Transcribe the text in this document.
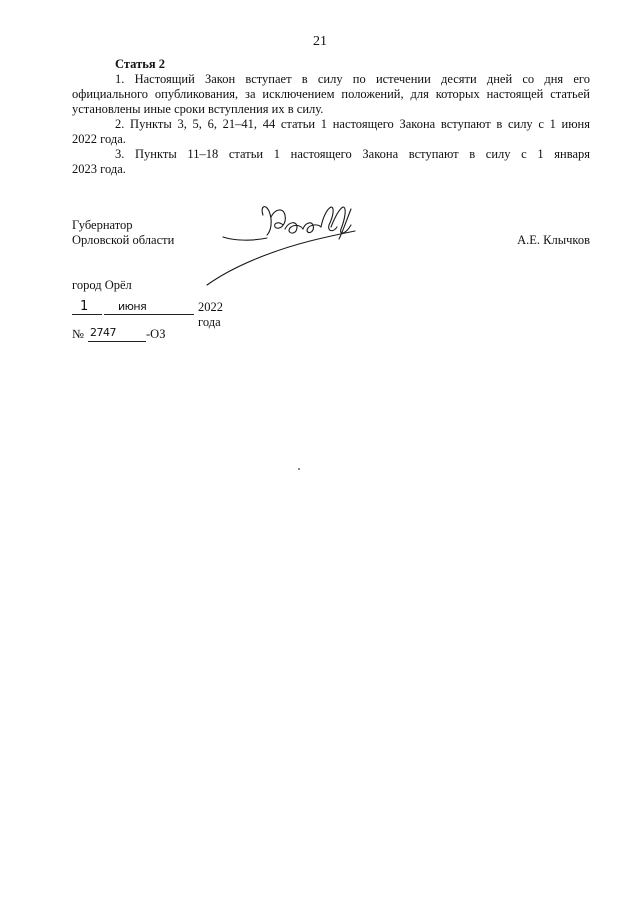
21

Статья 2

1. Настоящий Закон вступает в силу по истечении десяти дней со дня его

официального опубликования, за исключением положений, для которых настоящей статьей установлены иные сроки вступления их в силу.

2. Пункты 3, 5, 6, 21–41, 44 статьи 1 настоящего Закона вступают в силу с 1 июня

2022 года.

3. Пункты 11–18 статьи 1 настоящего Закона вступают в силу с 1 января

2023 года.

Губернатор
Орловской области	А.Е. Клычков
город Орёл
1	июня	2022 года
№ 2747 -ОЗ
